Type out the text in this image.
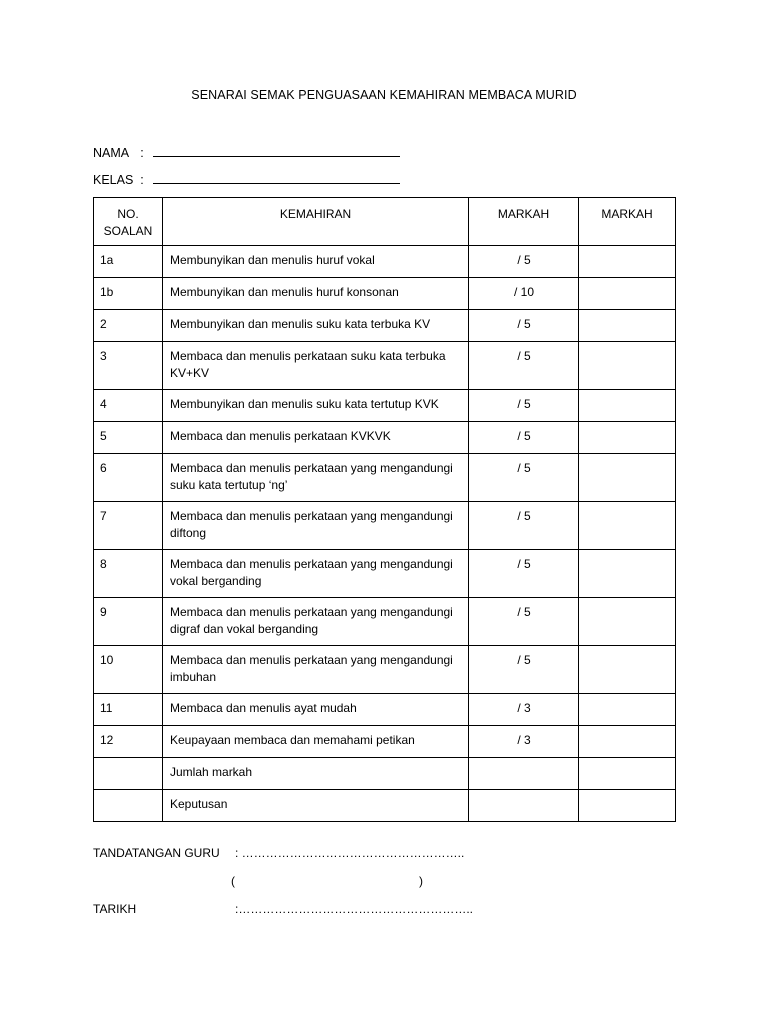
SENARAI SEMAK PENGUASAAN KEMAHIRAN MEMBACA MURID
NAMA :
KELAS :
NO. SOALAN	KEMAHIRAN	MARKAH	MARKAH
1a	Membunyikan dan menulis huruf vokal	/ 5	
1b	Membunyikan dan menulis huruf konsonan	/ 10	
2	Membunyikan dan menulis suku kata terbuka KV	/ 5	
3	Membaca dan menulis perkataan suku kata terbuka KV+KV	/ 5	
4	Membunyikan dan menulis suku kata tertutup KVK	/ 5	
5	Membaca dan menulis perkataan KVKVK	/ 5	
6	Membaca dan menulis perkataan yang mengandungi suku kata tertutup ‘ng’	/ 5	
7	Membaca dan menulis perkataan yang mengandungi diftong	/ 5	
8	Membaca dan menulis perkataan yang mengandungi vokal berganding	/ 5	
9	Membaca dan menulis perkataan yang mengandungi digraf dan vokal berganding	/ 5	
10	Membaca dan menulis perkataan yang mengandungi imbuhan	/ 5	
11	Membaca dan menulis ayat mudah	/ 3	
12	Keupayaan membaca dan memahami petikan	/ 3	
	Jumlah markah		
	Keputusan		
TANDATANGAN GURU : ………………………………………………..
(	)
TARIKH	:…………………………………………………..
